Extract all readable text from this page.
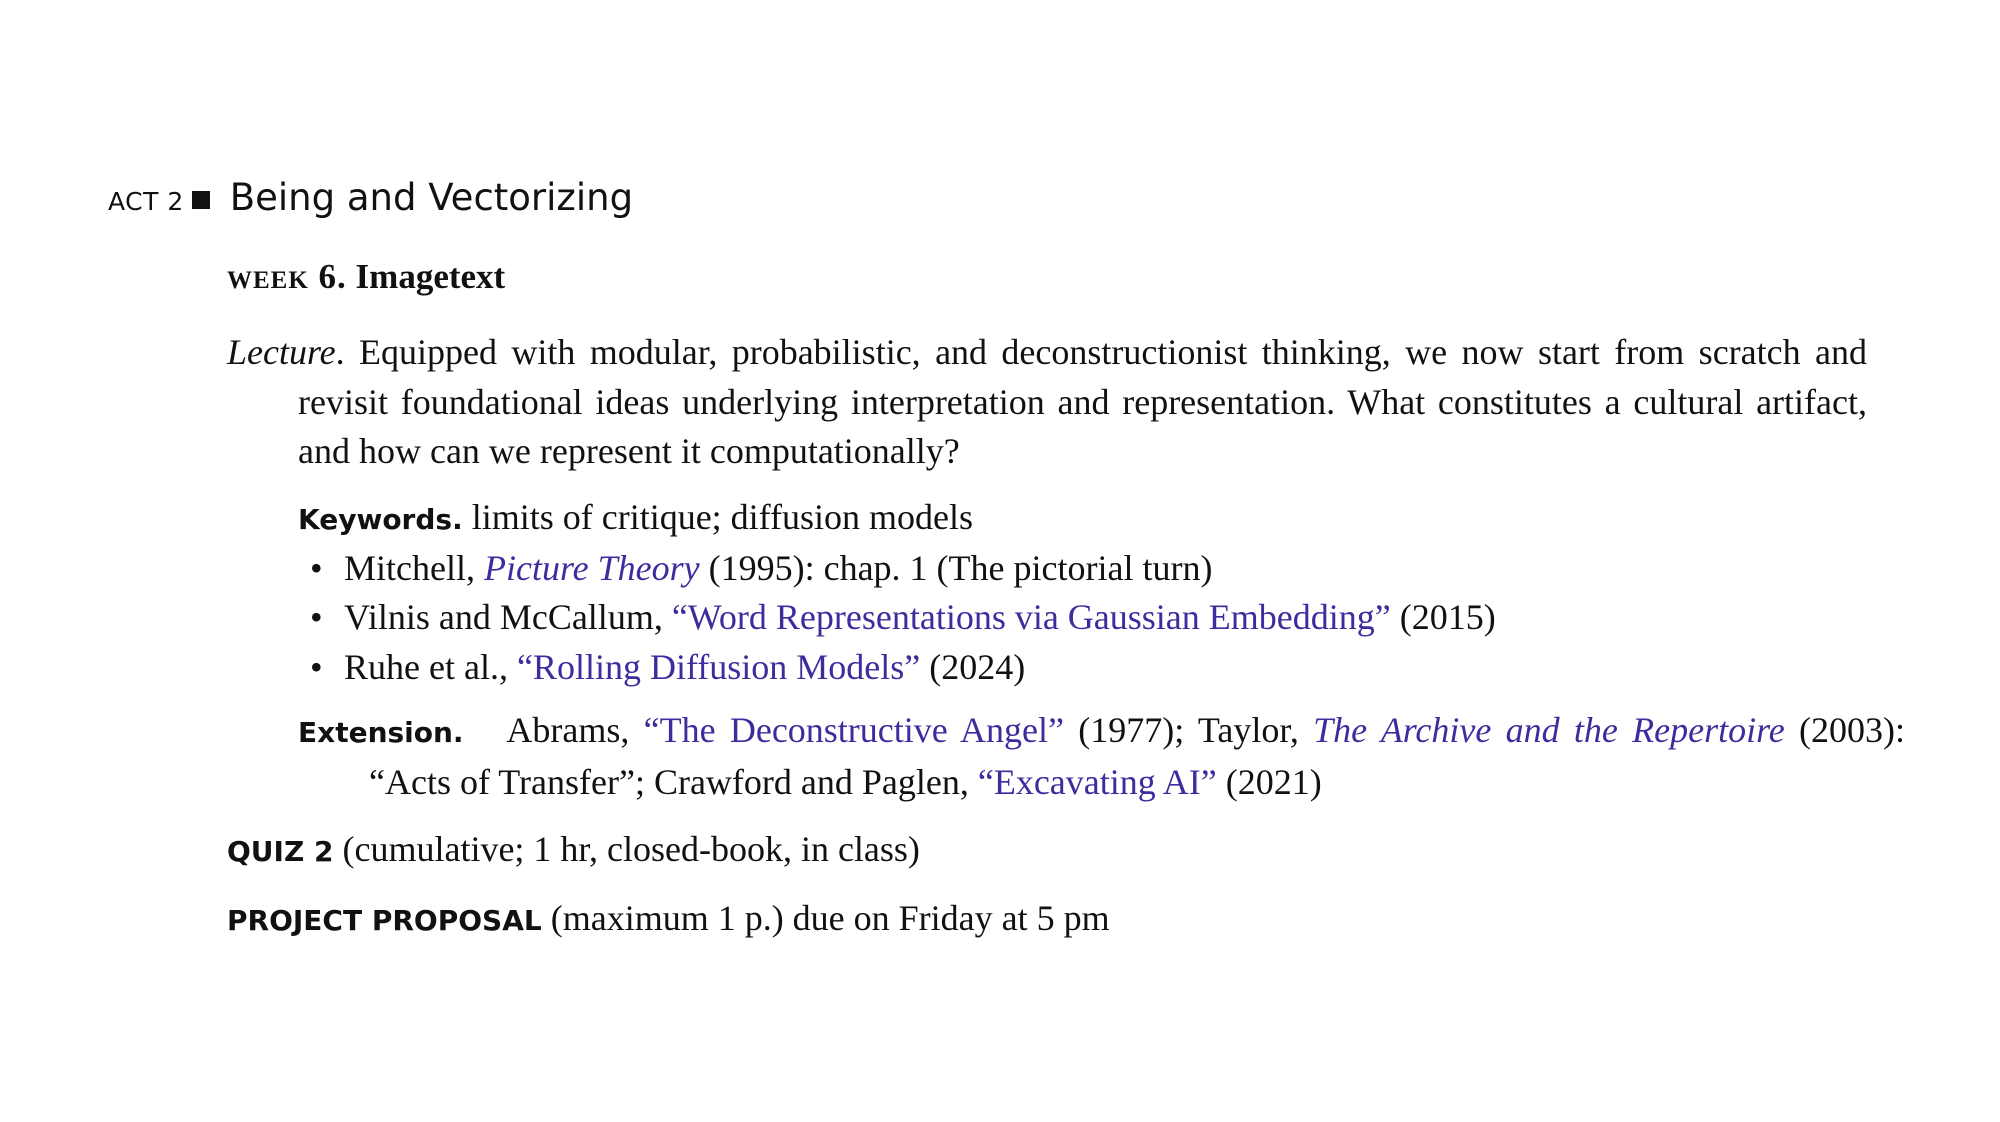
ACT 2 Being and Vectorizing
week 6. Imagetext

Lecture. Equipped with modular, probabilistic, and deconstructionist thinking, we now start from scratch and revisit foundational ideas underlying interpretation and representation. What constitutes a cultural artifact, and how can we represent it computationally?

Keywords. limits of critique; diffusion models
• Mitchell, Picture Theory (1995): chap. 1 (The pictorial turn)
• Vilnis and McCallum, “Word Representations via Gaussian Embedding” (2015)
• Ruhe et al., “Rolling Diffusion Models” (2024)
Extension. Abrams, “The Deconstructive Angel” (1977); Taylor, The Archive and the Repertoire (2003): “Acts of Transfer”; Crawford and Paglen, “Excavating AI” (2021)
QUIZ 2 (cumulative; 1 hr, closed-book, in class)
PROJECT PROPOSAL (maximum 1 p.) due on Friday at 5 pm
